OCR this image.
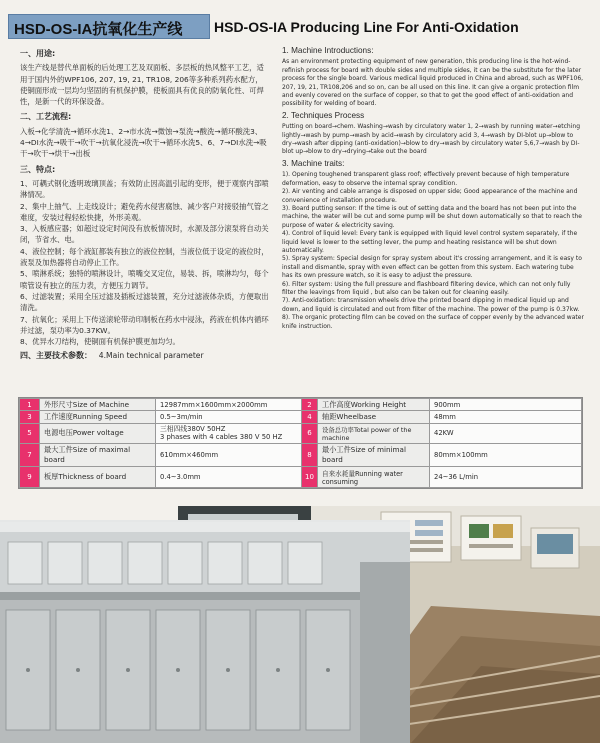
HSD-OS-IA抗氧化生产线 HSD-OS-IA Producing Line For Anti-Oxidation
一、用途:
该生产线是替代单面板的后处理工艺及双面板、多层板的热风整平工艺，适用于国内外的WPF106, 207, 19, 21, TR108, 206等多种系列药水配方，使铜面形成一层均匀坚固的有机保护膜，使板面具有优良的防氧化性、可焊性，是新一代的环保设备。
二、工艺流程:
入板→化学清洗→循环水洗1、2→市水洗→微蚀→泵洗→酸洗→循环酸洗3、4→DI水洗→吸干→吹干→抗氧化浸洗→吹干→循环水洗5、6、7→DI水洗→吸干→吹干→烘干→出板
三、特点:
1、可耦式钢化透明玻璃顶盖；有效防止因高温引起的变形，便于观察内部喷淋情况。
2、集中上抽气、上走线设计；避免药水侵害腐蚀、减少客户对接驳抽气管之难度，安装过程轻松快捷，外形美观。
3、入板感应器；如超过设定时间没有放板情况时，水源及部分滚泵将自动关闭，节省水、电。
4、液位控制；每个液缸都装有独立的液位控制，当液位低于设定的液位时，液泵及加热器将自动停止工作。
5、喷淋系统；独特的喷淋设计，喷嘴交叉定位，易装、拆，喷淋均匀，每个喷管设有独立的压力表，方便压力调节。
6、过滤装置；采用全压过滤及插板过滤装置，充分过滤液体杂质，方便取出清洗。
7、抗氧化；采用上下传送滚轮带动印制板在药水中浸泳，药液在机体内循环并过滤，泵功率为0.37KW。
8、优异水刀结构，使铜面有机保护膜更加均匀。
四、主要技术参数： 4.Main technical parameter
1. Machine Introductions:
As an environment protecting equipment of new generation, this producing line is the hot-wind-refinish process for board with double sides and multiple sides, it can be the substitute for the later process for the single board. Various medical liquid produced in China and abroad, such as WPF106, 207, 19, 21, TR108,206 and so on, can be all used on this line. It can give a organic protection film and evenly covered on the surface of copper, so that to get the good effect of anti-oxidation and possibility for welding of board.
2. Techniques Process
Putting on board→chem. Washing→wash by circulatory water 1, 2→wash by running water→etching lightly→wash by pump→wash by acid→wash by circulatory acid 3, 4→wash by DI-blot up→blow to dry→wash after dipping (anti-oxidation)→blow to dry→wash by circulatory water 5,6,7→wash by DI-blot up→blow to dry→drying→take out the board
3. Machine traits:
1). Opening toughened transparent glass roof; effectively prevent because of high temperature deformation, easy to observe the internal spray condition.
2). Air venting and cable arrange is disposed on upper side; Good appearance of the machine and convenience of installation procedure.
3). Board putting sensor: If the time is out of setting data and the board has not been put into the machine, the water will be cut and some pump will be shut down automatically so that to reach the purpose of water & electricity saving.
4). Control of liquid level: Every tank is equipped with liquid level control system separately, if the liquid level is lower to the setting lever, the pump and heating resistance will be shut down automatically.
5). Spray system: Special design for spray system about it's crossing arrangement, and it is easy to install and dismantle, spray with even effect can be gotten from this system. Each watering tube has its own pressure watch, so it is easy to adjust the pressure.
6). Filter system: Using the full pressure and flashboard filtering device, which can not only fully filter the leavings from liquid , but also can be taken out for cleaning easily.
7). Anti-oxidation: transmission wheels drive the printed board dipping in medical liquid up and down, and liquid is circulated and out from filter of the machine. The power of the pump is 0.37kw.
8). The organic protecting film can be coved on the surface of copper evenly by the advanced water knife instruction.
1	外形尺寸Size of Machine	12987mm×1600mm×2000mm	2	工作高度Working Height	900mm
3	工作速度Running Speed	0.5~3m/min	4	轴距Wheelbase	48mm
5	电源电压Power voltage	三相四线380V 50HZ
3 phases with 4 cables 380 V 50 HZ	6	设备总功率Total power of the machine	42KW
7	最大工件Size of maximal board	610mm×460mm	8	最小工件Size of minimal board	80mm×100mm
9	板厚Thickness of board	0.4~3.0mm	10	自来水耗量Running water consuming	24~36 L/min
